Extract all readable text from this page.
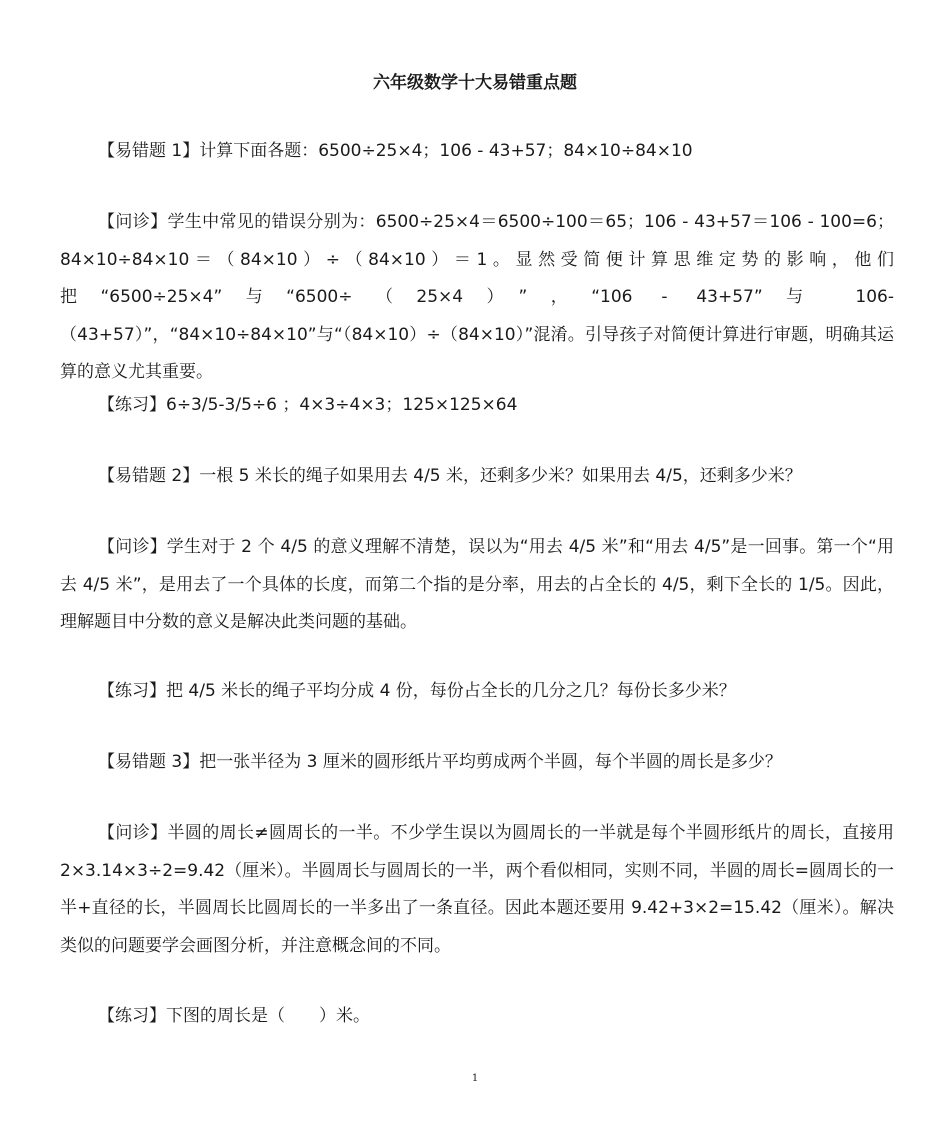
六年级数学十大易错重点题

【易错题 1】计算下面各题：6500÷25×4；106 - 43+57；84×10÷84×10

【问诊】学生中常见的错误分别为：6500÷25×4＝6500÷100＝65；106 - 43+57＝106 - 100=6；84×10÷84×10＝（84×10）÷（84×10）＝1。显然受简便计算思维定势的影响，他们把“6500÷25×4”与“6500÷（25×4）”，“106 - 43+57”与 106-（43+57）”，“84×10÷84×10”与“（84×10）÷（84×10）”混淆。引导孩子对简便计算进行审题，明确其运算的意义尤其重要。

【练习】6÷3/5-3/5÷6 ；4×3÷4×3；125×125×64

【易错题 2】一根 5 米长的绳子如果用去 4/5 米，还剩多少米？如果用去 4/5，还剩多少米？

【问诊】学生对于 2 个 4/5 的意义理解不清楚，误以为“用去 4/5 米”和“用去 4/5”是一回事。第一个“用去 4/5 米”，是用去了一个具体的长度，而第二个指的是分率，用去的占全长的 4/5，剩下全长的 1/5。因此，理解题目中分数的意义是解决此类问题的基础。

【练习】把 4/5 米长的绳子平均分成 4 份，每份占全长的几分之几？每份长多少米？

【易错题 3】把一张半径为 3 厘米的圆形纸片平均剪成两个半圆，每个半圆的周长是多少？

【问诊】半圆的周长≠圆周长的一半。不少学生误以为圆周长的一半就是每个半圆形纸片的周长，直接用 2×3.14×3÷2=9.42（厘米）。半圆周长与圆周长的一半，两个看似相同，实则不同，半圆的周长=圆周长的一半+直径的长，半圆周长比圆周长的一半多出了一条直径。因此本题还要用 9.42+3×2=15.42（厘米）。解决类似的问题要学会画图分析，并注意概念间的不同。

【练习】下图的周长是（　　）米。

1
